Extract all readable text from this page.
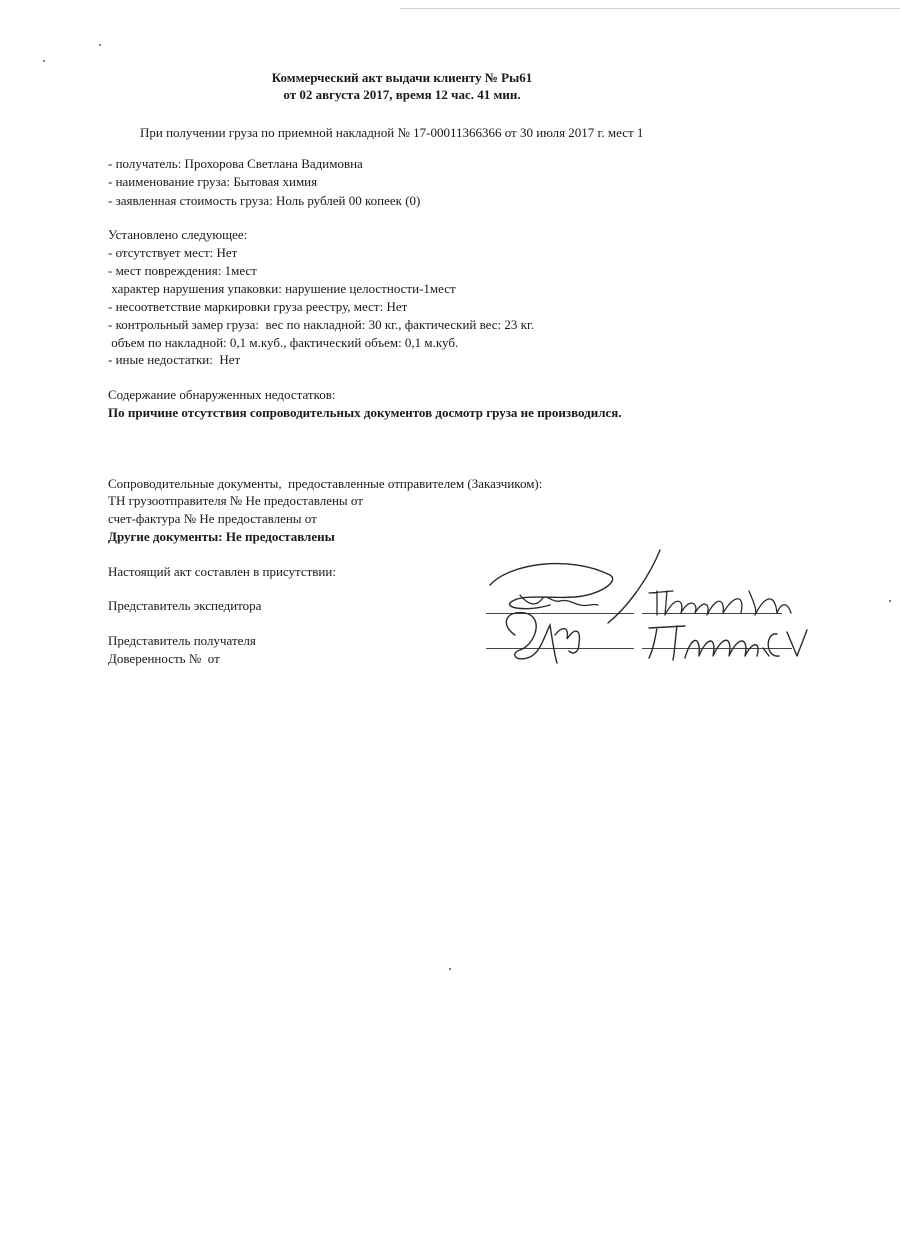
Коммерческий акт выдачи клиенту № Ры61
от 02 августа 2017, время 12 час. 41 мин.
При получении груза по приемной накладной № 17-00011366366 от 30 июля 2017 г. мест 1
- получатель: Прохорова Светлана Вадимовна
- наименование груза: Бытовая химия
- заявленная стоимость груза: Ноль рублей 00 копеек (0)
Установлено следующее:
- отсутствует мест: Нет
- мест повреждения: 1мест
характер нарушения упаковки: нарушение целостности-1мест
- несоответствие маркировки груза реестру, мест: Нет
- контрольный замер груза:  вес по накладной: 30 кг., фактический вес: 23 кг.
объем по накладной: 0,1 м.куб., фактический объем: 0,1 м.куб.
- иные недостатки:  Нет
Содержание обнаруженных недостатков:
По причине отсутствия сопроводительных документов досмотр груза не производился.
Сопроводительные документы,  предоставленные отправителем (Заказчиком):
ТН грузоотправителя № Не предоставлены от
счет-фактура № Не предоставлены от
Другие документы: Не предоставлены
Настоящий акт составлен в присутствии:
Представитель экспедитора
Представитель получателя
Доверенность №  от
